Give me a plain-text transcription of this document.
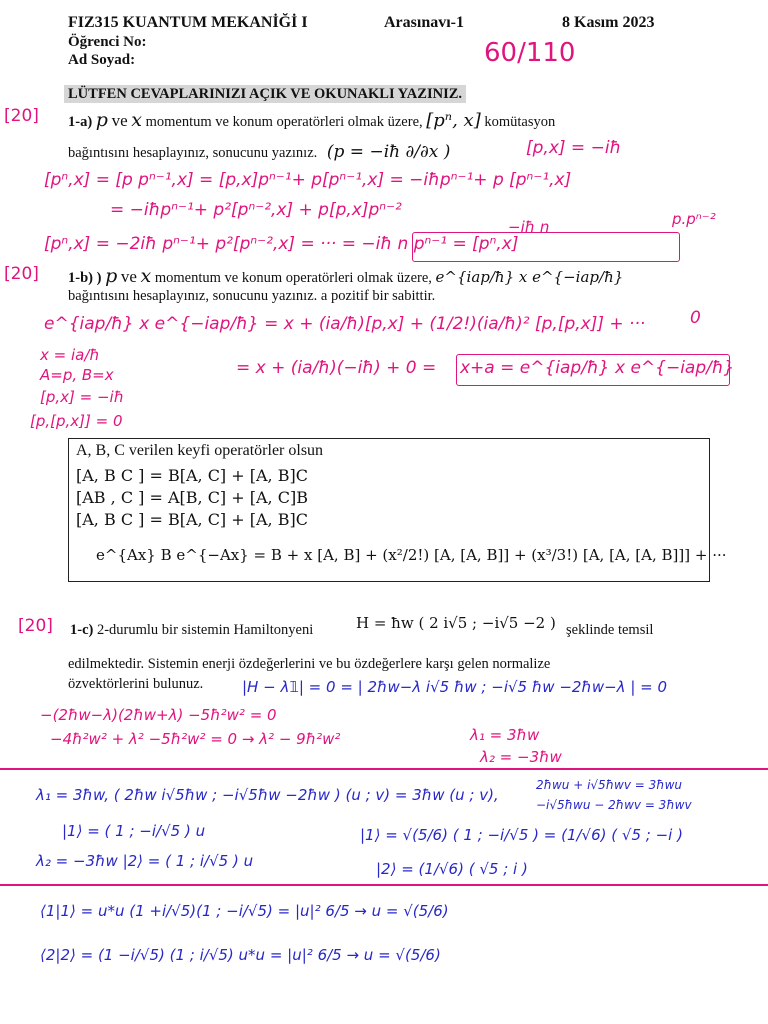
FIZ315 KUANTUM MEKANİĞİ I	Arasınavı-1	8 Kasım 2023
Öğrenci No:
Ad Soyad:	60/110
LÜTFEN CEVAPLARINIZI AÇIK VE OKUNAKLI YAZINIZ.
[20] 1-a) p ve x momentum ve konum operatörleri olmak üzere, [pⁿ, x] komütasyon
bağıntısını hesaplayınız, sonucunu yazınız. (p = −iħ ∂/∂x )	[p,x] = −iħ
[pⁿ,x] = [p pⁿ⁻¹,x] = [p,x]pⁿ⁻¹+ p[pⁿ⁻¹,x] = −iħpⁿ⁻¹+ p [pⁿ⁻¹,x]
= −iħpⁿ⁻¹+ p²[pⁿ⁻²,x] + p[p,x]pⁿ⁻²	p.pⁿ⁻²
−iħ n
[pⁿ,x] = −2iħ pⁿ⁻¹+ p²[pⁿ⁻²,x] = ··· = −iħ n pⁿ⁻¹ = [pⁿ,x]
[20] 1-b) ) p ve x momentum ve konum operatörleri olmak üzere, e^{iap/ħ} x e^{−iap/ħ}
bağıntısını hesaplayınız, sonucunu yazınız. a pozitif bir sabittir.
e^{iap/ħ} x e^{−iap/ħ} = x + (ia/ħ)[p,x] + (1/2!)(ia/ħ)² [p,[p,x]] + ···	0
= x + (ia/ħ)(−iħ) + 0 = x+a = e^{iap/ħ} x e^{−iap/ħ}
x = ia/ħ
A=p, B=x
[p,x] = −iħ
[p,[p,x]] = 0
A, B, C verilen keyfi operatörler olsun
[A, B C ] = B[A, C] + [A, B]C
[AB , C ] = A[B, C] + [A, C]B
[A, B C ] = B[A, C] + [A, B]C
e^{Ax} B e^{−Ax} = B + x [A, B] + (x²/2!) [A, [A, B]] + (x³/3!) [A, [A, [A, B]]] + ···
[20] 1-c) 2-durumlu bir sistemin Hamiltonyeni	H = ħw ( 2 i√5 ; −i√5 −2 ) şeklinde temsil
edilmektedir. Sistemin enerji özdeğerlerini ve bu özdeğerlere karşı gelen normalize
özvektörlerini bulunuz.	|H − λ𝟙| = 0 = | 2ħw−λ i√5 ħw ; −i√5 ħw −2ħw−λ | = 0
−(2ħw−λ)(2ħw+λ) −5ħ²w² = 0
−4ħ²w² + λ² −5ħ²w² = 0 → λ² − 9ħ²w²	λ₁ = 3ħw
λ₂ = −3ħw
λ₁ = 3ħw, ( 2ħw i√5ħw ; −i√5ħw −2ħw ) (u ; v) = 3ħw (u ; v),
2ħwu + i√5ħwv = 3ħwu
−i√5ħwu − 2ħwv = 3ħwv
|1⟩ = ( 1 ; −i/√5 ) u
λ₂ = −3ħw |2⟩ = ( 1 ; i/√5 ) u
|1⟩ = √(5/6) ( 1 ; −i/√5 ) = (1/√6) ( √5 ; −i )
|2⟩ = (1/√6) ( √5 ; i )
⟨1|1⟩ = u*u (1 +i/√5)(1 ; −i/√5) = |u|² 6/5 → u = √(5/6)
⟨2|2⟩ = (1 −i/√5) (1 ; i/√5) u*u = |u|² 6/5 → u = √(5/6)
